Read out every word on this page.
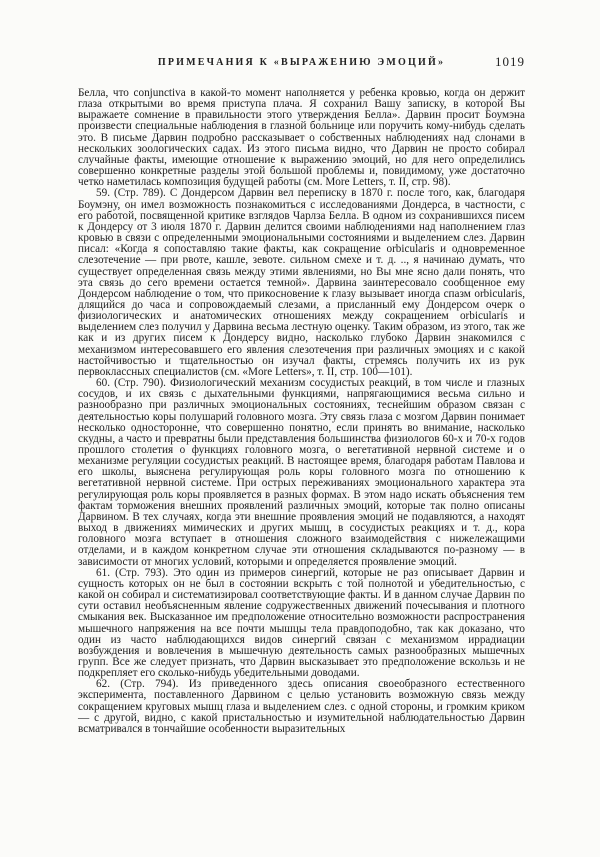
ПРИМЕЧАНИЯ К «ВЫРАЖЕНИЮ ЭМОЦИЙ»	1019

Белла, что conjunctiva в какой-то момент наполняется у ребенка кровью, когда он держит глаза открытыми во время приступа плача. Я сохранил Вашу записку, в которой Вы выражаете сомнение в правильности этого утверждения Белла». Дарвин просит Боумэна произвести специальные наблюдения в глазной больнице или поручить кому-нибудь сделать это. В письме Дарвин подробно рассказывает о собственных наблюдениях над слонами в нескольких зоологических садах. Из этого письма видно, что Дарвин не просто собирал случайные факты, имеющие отношение к выражению эмоций, но для него определились совершенно конкретные разделы этой большой проблемы и, повидимому, уже достаточно четко наметилась композиция будущей работы (см. More Letters, т. II, стр. 98).

59. (Стр. 789). С Дондерсом Дарвин вел переписку в 1870 г. после того, как, благодаря Боумэну, он имел возможность познакомиться с исследованиями Дондерса, в частности, с его работой, посвященной критике взглядов Чарлза Белла. В одном из сохранившихся писем к Дондерсу от 3 июля 1870 г. Дарвин делится своими наблюдениями над наполнением глаз кровью в связи с определенными эмоциональными состояниями и выделением слез. Дарвин писал: «Когда я сопоставляю такие факты, как сокращение orbicularis и одновременное слезотечение — при рвоте, кашле, зевоте. сильном смехе и т. д. .., я начинаю думать, что существует определенная связь между этими явлениями, но Вы мне ясно дали понять, что эта связь до сего времени остается темной». Дарвина заинтересовало сообщенное ему Дондерсом наблюдение о том, что прикосновение к глазу вызывает иногда спазм orbicularis, длящийся до часа и сопровождаемый слезами, а присланный ему Дондерсом очерк о физиологических и анатомических отношениях между сокращением orbicularis и выделением слез получил у Дарвина весьма лестную оценку. Таким образом, из этого, так же как и из других писем к Дондерсу видно, насколько глубоко Дарвин знакомился с механизмом интересовавшего его явления слезотечения при различных эмоциях и с какой настойчивостью и тщательностью он изучал факты, стремясь получить их из рук первоклассных специалистов (см. «More Letters», т. II, стр. 100—101).

60. (Стр. 790). Физиологический механизм сосудистых реакций, в том числе и глазных сосудов, и их связь с дыхательными функциями, напрягающимися весьма сильно и разнообразно при различных эмоциональных состояниях, теснейшим образом связан с деятельностью коры полушарий головного мозга. Эту связь глаза с мозгом Дарвин понимает несколько односторонне, что совершенно понятно, если принять во внимание, насколько скудны, а часто и превратны были представления большинства физиологов 60-х и 70-х годов прошлого столетия о функциях головного мозга, о вегетативной нервной системе и о механизме регуляции сосудистых реакций. В настоящее время, благодаря работам Павлова и его школы, выяснена регулирующая роль коры головного мозга по отношению к вегетативной нервной системе. При острых переживаниях эмоционального характера эта регулирующая роль коры проявляется в разных формах. В этом надо искать объяснения тем фактам торможения внешних проявлений различных эмоций, которые так полно описаны Дарвином. В тех случаях, когда эти внешние проявления эмоций не подавляются, а находят выход в движениях мимических и других мышц, в сосудистых реакциях и т. д., кора головного мозга вступает в отношения сложного взаимодействия с нижележащими отделами, и в каждом конкретном случае эти отношения складываются по-разному — в зависимости от многих условий, которыми и определяется проявление эмоций.

61. (Стр. 793). Это один из примеров синергий, которые не раз описывает Дарвин и сущность которых он не был в состоянии вскрыть с той полнотой и убедительностью, с какой он собирал и систематизировал соответствующие факты. И в данном случае Дарвин по сути оставил необъясненным явление содружественных движений почесывания и плотного смыкания век. Высказанное им предположение относительно возможности распространения мышечного напряжения на все почти мышцы тела правдоподобно, так как доказано, что один из часто наблюдающихся видов синергий связан с механизмом иррадиации возбуждения и вовлечения в мышечную деятельность самых разнообразных мышечных групп. Все же следует признать, что Дарвин высказывает это предположение вскользь и не подкрепляет его сколько-нибудь убедительными доводами.

62. (Стр. 794). Из приведенного здесь описания своеобразного естественного эксперимента, поставленного Дарвином с целью установить возможную связь между сокращением круговых мышц глаза и выделением слез. с одной стороны, и громким криком — с другой, видно, с какой пристальностью и изумительной наблюдательностью Дарвин всматривался в тончайшие особенности выразительных
